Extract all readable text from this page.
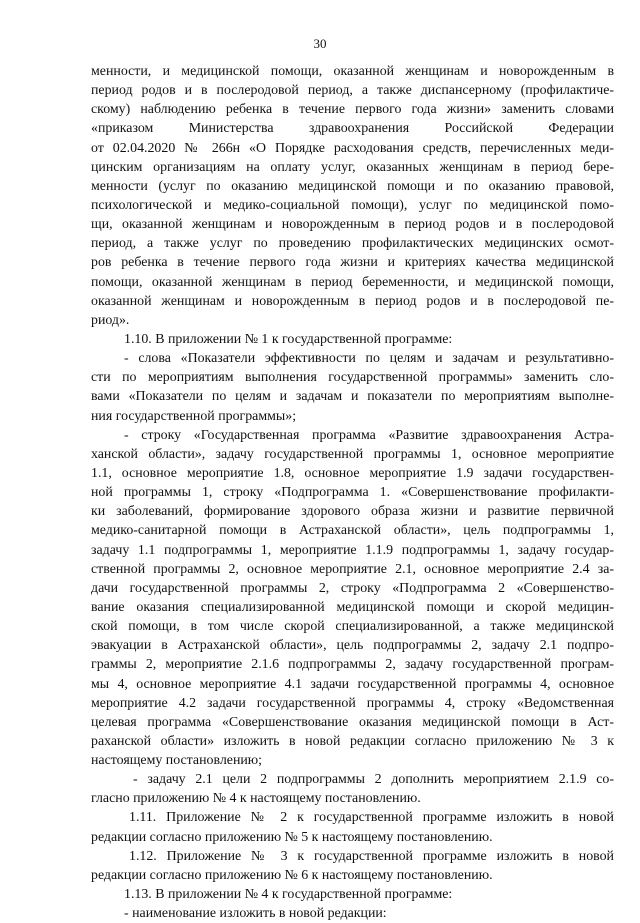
30
менности, и медицинской помощи, оказанной женщинам и новорожденным в
период родов и в послеродовой период, а также диспансерному (профилактиче-
скому) наблюдению ребенка в течение первого года жизни» заменить словами
«приказом Министерства здравоохранения Российской Федерации
от 02.04.2020 № 266н «О Порядке расходования средств, перечисленных меди-
цинским организациям на оплату услуг, оказанных женщинам в период бере-
менности (услуг по оказанию медицинской помощи и по оказанию правовой,
психологической и медико-социальной помощи), услуг по медицинской помо-
щи, оказанной женщинам и новорожденным в период родов и в послеродовой
период, а также услуг по проведению профилактических медицинских осмот-
ров ребенка в течение первого года жизни и критериях качества медицинской
помощи, оказанной женщинам в период беременности, и медицинской помощи,
оказанной женщинам и новорожденным в период родов и в послеродовой пе-
риод».
1.10. В приложении № 1 к государственной программе:
- слова «Показатели эффективности по целям и задачам и результативно-
сти по мероприятиям выполнения государственной программы» заменить сло-
вами «Показатели по целям и задачам и показатели по мероприятиям выполне-
ния государственной программы»;
- строку «Государственная программа «Развитие здравоохранения Астра-
ханской области», задачу государственной программы 1, основное мероприятие
1.1, основное мероприятие 1.8, основное мероприятие 1.9 задачи государствен-
ной программы 1, строку «Подпрограмма 1. «Совершенствование профилакти-
ки заболеваний, формирование здорового образа жизни и развитие первичной
медико-санитарной помощи в Астраханской области», цель подпрограммы 1,
задачу 1.1 подпрограммы 1, мероприятие 1.1.9 подпрограммы 1, задачу государ-
ственной программы 2, основное мероприятие 2.1, основное мероприятие 2.4 за-
дачи государственной программы 2, строку «Подпрограмма 2 «Совершенство-
вание оказания специализированной медицинской помощи и скорой медицин-
ской помощи, в том числе скорой специализированной, а также медицинской
эвакуации в Астраханской области», цель подпрограммы 2, задачу 2.1 подпро-
граммы 2, мероприятие 2.1.6 подпрограммы 2, задачу государственной програм-
мы 4, основное мероприятие 4.1 задачи государственной программы 4, основное
мероприятие 4.2 задачи государственной программы 4, строку «Ведомственная
целевая программа «Совершенствование оказания медицинской помощи в Аст-
раханской области» изложить в новой редакции согласно приложению № 3 к
настоящему постановлению;
- задачу 2.1 цели 2 подпрограммы 2 дополнить мероприятием 2.1.9 со-
гласно приложению № 4 к настоящему постановлению.
1.11. Приложение № 2 к государственной программе изложить в новой
редакции согласно приложению № 5 к настоящему постановлению.
1.12. Приложение № 3 к государственной программе изложить в новой
редакции согласно приложению № 6 к настоящему постановлению.
1.13. В приложении № 4 к государственной программе:
- наименование изложить в новой редакции:
